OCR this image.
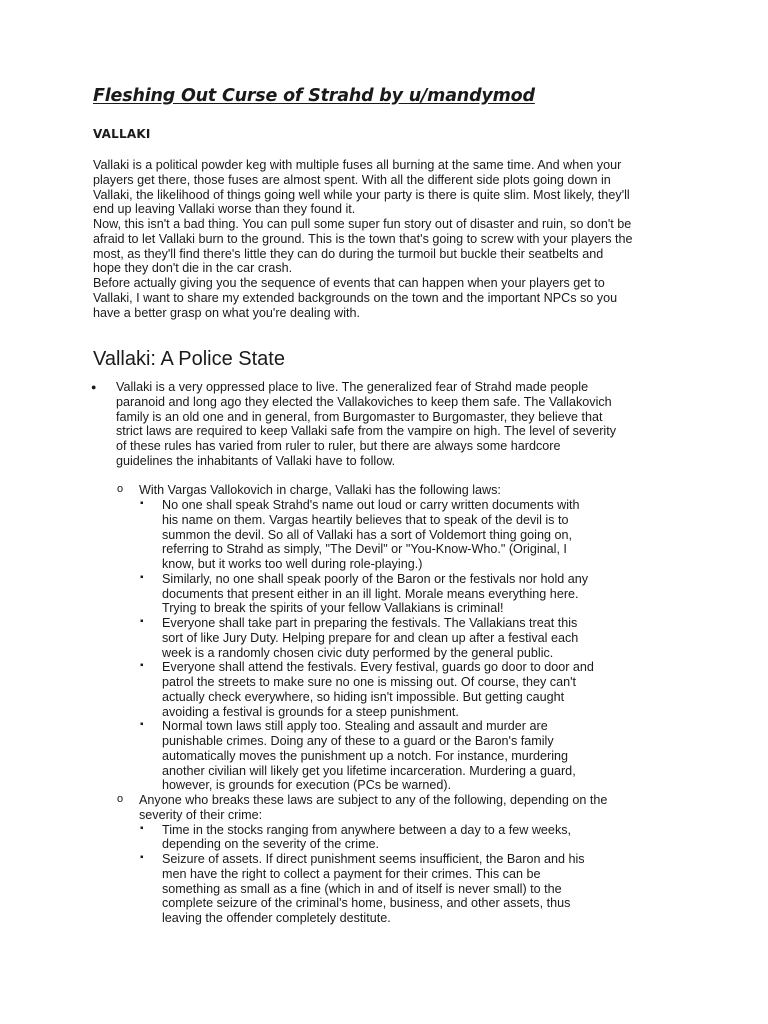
Fleshing Out Curse of Strahd by u/mandymod
VALLAKI

Vallaki is a political powder keg with multiple fuses all burning at the same time. And when your
players get there, those fuses are almost spent. With all the different side plots going down in
Vallaki, the likelihood of things going well while your party is there is quite slim. Most likely, they'll
end up leaving Vallaki worse than they found it.

Now, this isn't a bad thing. You can pull some super fun story out of disaster and ruin, so don't be
afraid to let Vallaki burn to the ground. This is the town that's going to screw with your players the
most, as they'll find there's little they can do during the turmoil but buckle their seatbelts and
hope they don't die in the car crash.

Before actually giving you the sequence of events that can happen when your players get to
Vallaki, I want to share my extended backgrounds on the town and the important NPCs so you
have a better grasp on what you're dealing with.

Vallaki: A Police State
● Vallaki is a very oppressed place to live. The generalized fear of Strahd made people
paranoid and long ago they elected the Vallakoviches to keep them safe. The Vallakovich
family is an old one and in general, from Burgomaster to Burgomaster, they believe that
strict laws are required to keep Vallaki safe from the vampire on high. The level of severity
of these rules has varied from ruler to ruler, but there are always some hardcore
guidelines the inhabitants of Vallaki have to follow.
o With Vargas Vallokovich in charge, Vallaki has the following laws:
▪ No one shall speak Strahd's name out loud or carry written documents with
his name on them. Vargas heartily believes that to speak of the devil is to
summon the devil. So all of Vallaki has a sort of Voldemort thing going on,
referring to Strahd as simply, "The Devil" or "You-Know-Who." (Original, I
know, but it works too well during role-playing.)
▪ Similarly, no one shall speak poorly of the Baron or the festivals nor hold any
documents that present either in an ill light. Morale means everything here.
Trying to break the spirits of your fellow Vallakians is criminal!
▪ Everyone shall take part in preparing the festivals. The Vallakians treat this
sort of like Jury Duty. Helping prepare for and clean up after a festival each
week is a randomly chosen civic duty performed by the general public.
▪ Everyone shall attend the festivals. Every festival, guards go door to door and
patrol the streets to make sure no one is missing out. Of course, they can't
actually check everywhere, so hiding isn't impossible. But getting caught
avoiding a festival is grounds for a steep punishment.
▪ Normal town laws still apply too. Stealing and assault and murder are
punishable crimes. Doing any of these to a guard or the Baron's family
automatically moves the punishment up a notch. For instance, murdering
another civilian will likely get you lifetime incarceration. Murdering a guard,
however, is grounds for execution (PCs be warned).
o Anyone who breaks these laws are subject to any of the following, depending on the
severity of their crime:
▪ Time in the stocks ranging from anywhere between a day to a few weeks,
depending on the severity of the crime.
▪ Seizure of assets. If direct punishment seems insufficient, the Baron and his
men have the right to collect a payment for their crimes. This can be
something as small as a fine (which in and of itself is never small) to the
complete seizure of the criminal's home, business, and other assets, thus
leaving the offender completely destitute.
